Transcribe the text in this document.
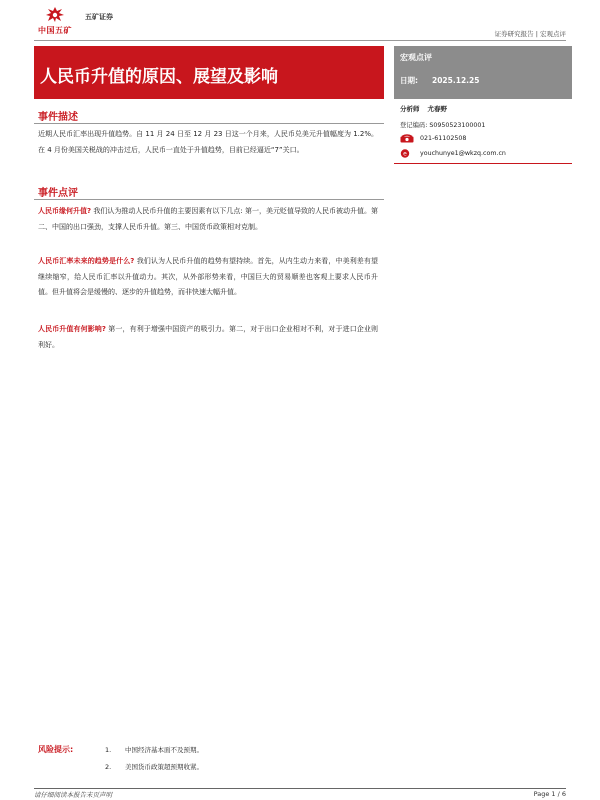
中国五矿
五矿证券
证券研究报告 | 宏观点评
人民币升值的原因、展望及影响
宏观点评
日期: 2025.12.25
分析师 尤春野
登记编码: S0950523100001
021-61102508
e youchunye1@wkzq.com.cn
事件描述
近期人民币汇率出现升值趋势。自 11 月 24 日至 12 月 23 日这一个月来，人民币兑美元升值幅度为 1.2%。在 4 月份美国关税战的冲击过后，人民币一直处于升值趋势，目前已经逼近“7”关口。
事件点评
人民币缘何升值? 我们认为推动人民币升值的主要因素有以下几点: 第一，美元贬值导致的人民币被动升值。第二、中国的出口强劲，支撑人民币升值。第三、中国货币政策相对克制。
人民币汇率未来的趋势是什么? 我们认为人民币升值的趋势有望持续。首先，从内生动力来看，中美利差有望继续缩窄，给人民币汇率以升值动力。其次，从外部形势来看，中国巨大的贸易顺差也客观上要求人民币升值。但升值将会是缓慢的、逐步的升值趋势，而非快速大幅升值。
人民币升值有何影响? 第一，有利于增强中国资产的吸引力。第二，对于出口企业相对不利，对于进口企业则利好。
风险提示:	1. 中国经济基本面不及预期。
2. 美国货币政策超预期收紧。
请仔细阅读本报告末页声明	Page 1 / 6
